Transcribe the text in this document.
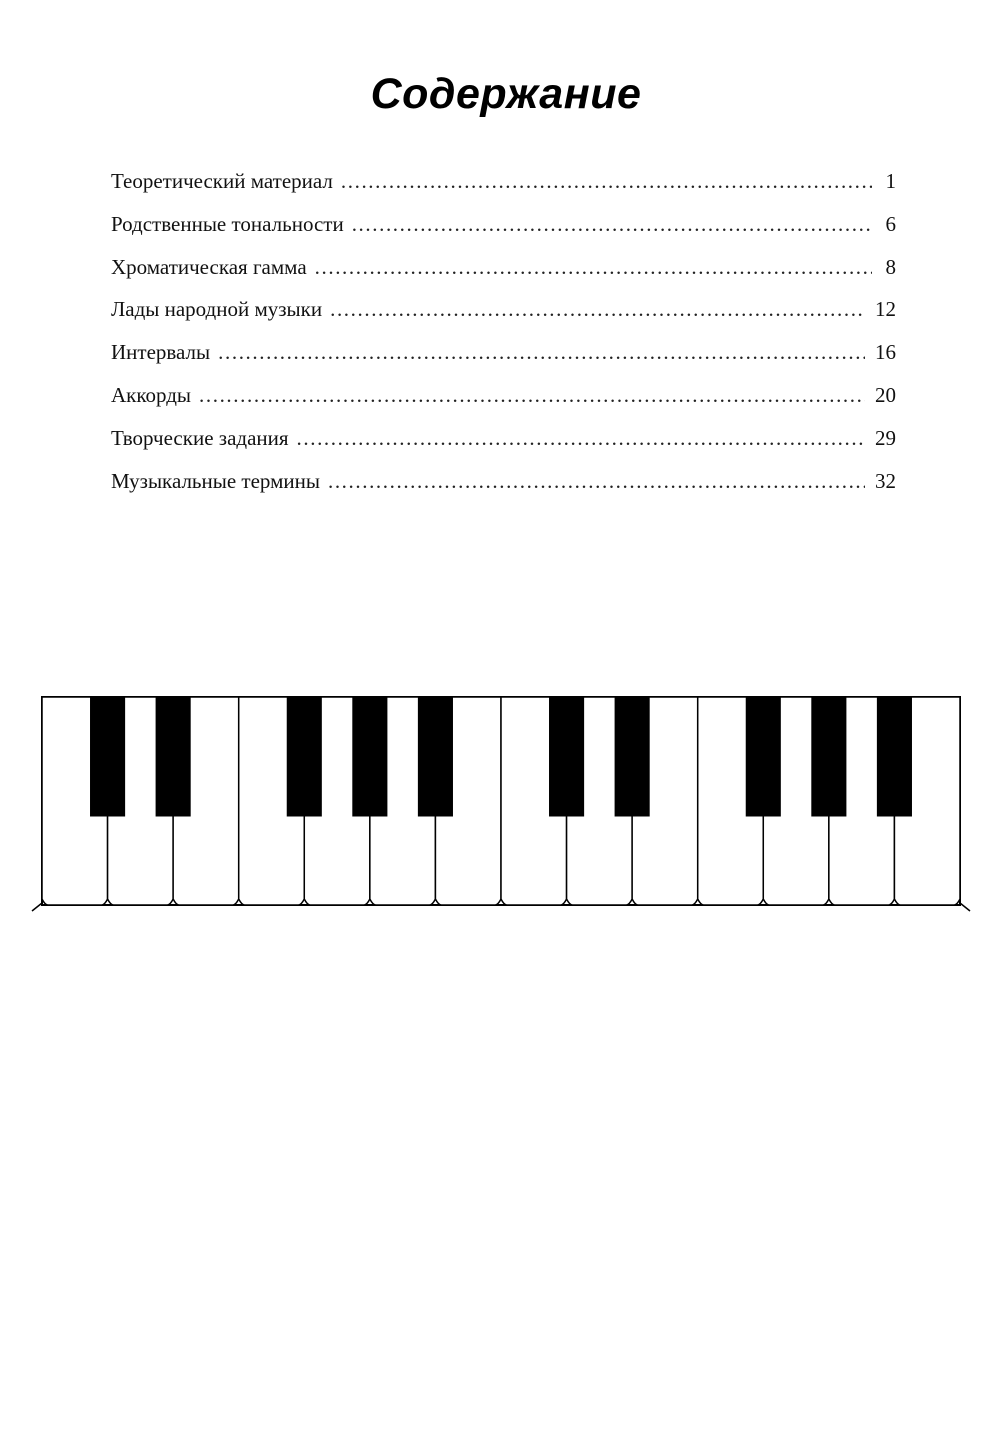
Содержание
Теоретический материал .....	1
Родственные тональности .....	6
Хроматическая гамма .....	8
Лады народной музыки .....	12
Интервалы .....	16
Аккорды .....	20
Творческие задания .....	29
Музыкальные термины .....	32
